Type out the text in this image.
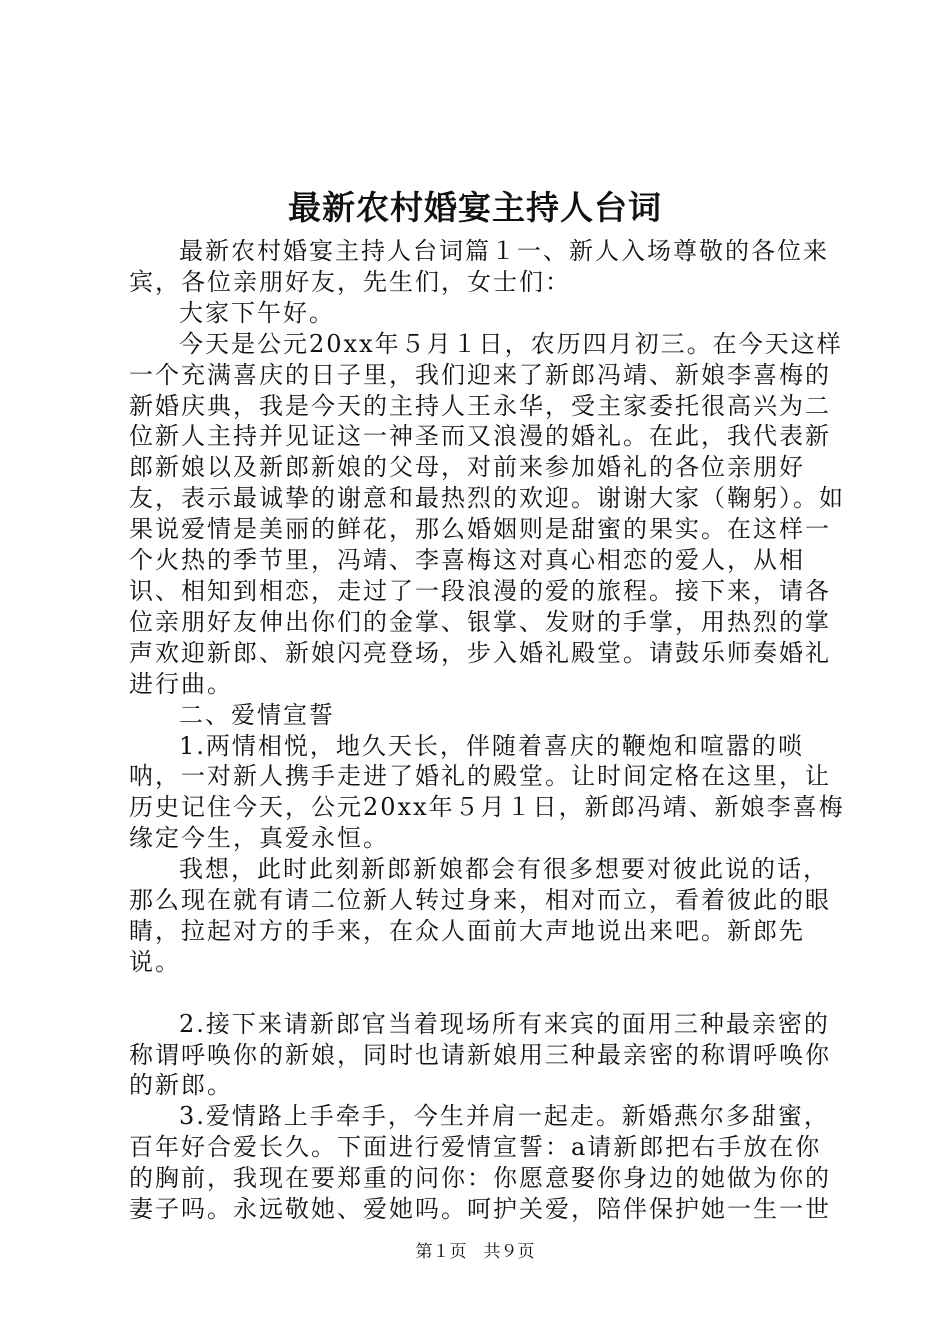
最新农村婚宴主持人台词

最新农村婚宴主持人台词篇１一、新人入场尊敬的各位来宾，各位亲朋好友，先生们，女士们：

大家下午好。

今天是公元20xx年５月１日，农历四月初三。在今天这样一个充满喜庆的日子里，我们迎来了新郎冯靖、新娘李喜梅的新婚庆典，我是今天的主持人王永华，受主家委托很高兴为二位新人主持并见证这一神圣而又浪漫的婚礼。在此，我代表新郎新娘以及新郎新娘的父母，对前来参加婚礼的各位亲朋好友，表示最诚挚的谢意和最热烈的欢迎。谢谢大家（鞠躬）。如果说爱情是美丽的鲜花，那么婚姻则是甜蜜的果实。在这样一个火热的季节里，冯靖、李喜梅这对真心相恋的爱人，从相识、相知到相恋，走过了一段浪漫的爱的旅程。接下来，请各位亲朋好友伸出你们的金掌、银掌、发财的手掌，用热烈的掌声欢迎新郎、新娘闪亮登场，步入婚礼殿堂。请鼓乐师奏婚礼进行曲。

二、爱情宣誓

1.两情相悦，地久天长，伴随着喜庆的鞭炮和喧嚣的唢呐，一对新人携手走进了婚礼的殿堂。让时间定格在这里，让历史记住今天，公元20xx年５月１日，新郎冯靖、新娘李喜梅缘定今生，真爱永恒。

我想，此时此刻新郎新娘都会有很多想要对彼此说的话，那么现在就有请二位新人转过身来，相对而立，看着彼此的眼睛，拉起对方的手来，在众人面前大声地说出来吧。新郎先说。

2.接下来请新郎官当着现场所有来宾的面用三种最亲密的称谓呼唤你的新娘，同时也请新娘用三种最亲密的称谓呼唤你的新郎。

3.爱情路上手牵手，今生并肩一起走。新婚燕尔多甜蜜，百年好合爱长久。下面进行爱情宣誓：a请新郎把右手放在你的胸前，我现在要郑重的问你：你愿意娶你身边的她做为你的妻子吗。永远敬她、爱她吗。呵护关爱，陪伴保护她一生一世

第１页　共９页
